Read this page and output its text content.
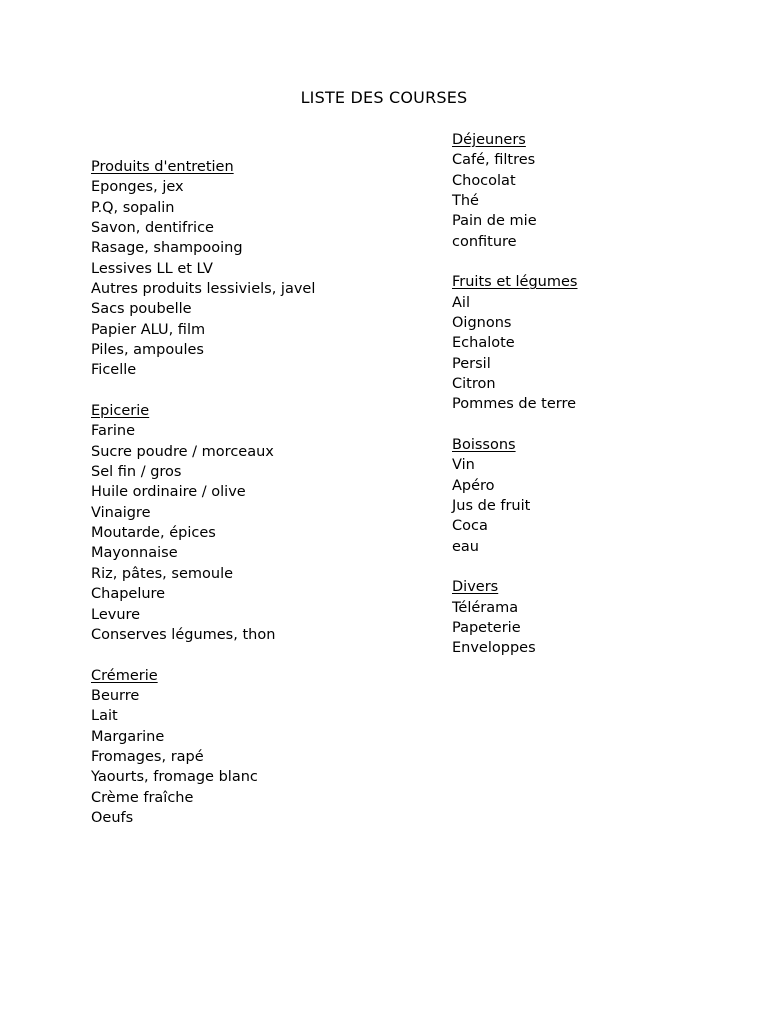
LISTE DES COURSES
Produits d'entretien
Eponges, jex
P.Q, sopalin
Savon, dentifrice
Rasage, shampooing
Lessives LL et LV
Autres produits lessiviels, javel
Sacs poubelle
Papier ALU, film
Piles, ampoules
Ficelle
Epicerie
Farine
Sucre poudre / morceaux
Sel fin / gros
Huile ordinaire / olive
Vinaigre
Moutarde, épices
Mayonnaise
Riz, pâtes, semoule
Chapelure
Levure
Conserves légumes, thon
Crémerie
Beurre
Lait
Margarine
Fromages, rapé
Yaourts, fromage blanc
Crème fraîche
Oeufs
Déjeuners
Café, filtres
Chocolat
Thé
Pain de mie
confiture
Fruits et légumes
Ail
Oignons
Echalote
Persil
Citron
Pommes de terre
Boissons
Vin
Apéro
Jus de fruit
Coca
eau
Divers
Télérama
Papeterie
Enveloppes
